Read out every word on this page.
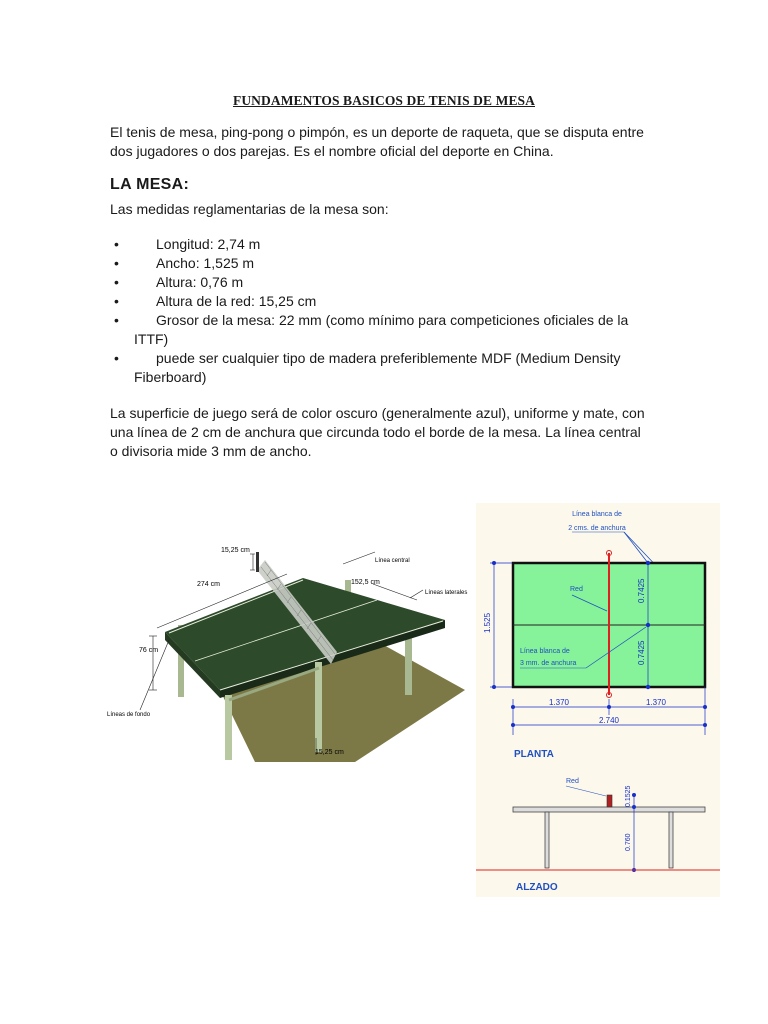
FUNDAMENTOS BASICOS DE TENIS DE MESA
El tenis de mesa, ping-pong o pimpón, es un deporte de raqueta, que se disputa entre
dos jugadores o dos parejas. Es el nombre oficial del deporte en China.
LA MESA:
Las medidas reglamentarias de la mesa son:
•	Longitud: 2,74 m
•	Ancho: 1,525 m
•	Altura: 0,76 m
•	Altura de la red: 15,25 cm
•	Grosor de la mesa: 22 mm (como mínimo para competiciones oficiales de la
ITTF)
•	puede ser cualquier tipo de madera preferiblemente MDF (Medium Density
Fiberboard)
La superficie de juego será de color oscuro (generalmente azul), uniforme y mate, con
una línea de 2 cm de anchura que circunda todo el borde de la mesa. La línea central
o divisoria mide 3 mm de ancho.
15,25 cm
274 cm	152,5 cm
76 cm
Línea central
Líneas laterales
Líneas de fondo
15,25 cm
Línea blanca de
2 cms. de anchura
Red
Línea blanca de
3 mm. de anchura
1.525
0.7425
0.7425
1.370	1.370
2.740
PLANTA
Red
0.1525
0.760
ALZADO
